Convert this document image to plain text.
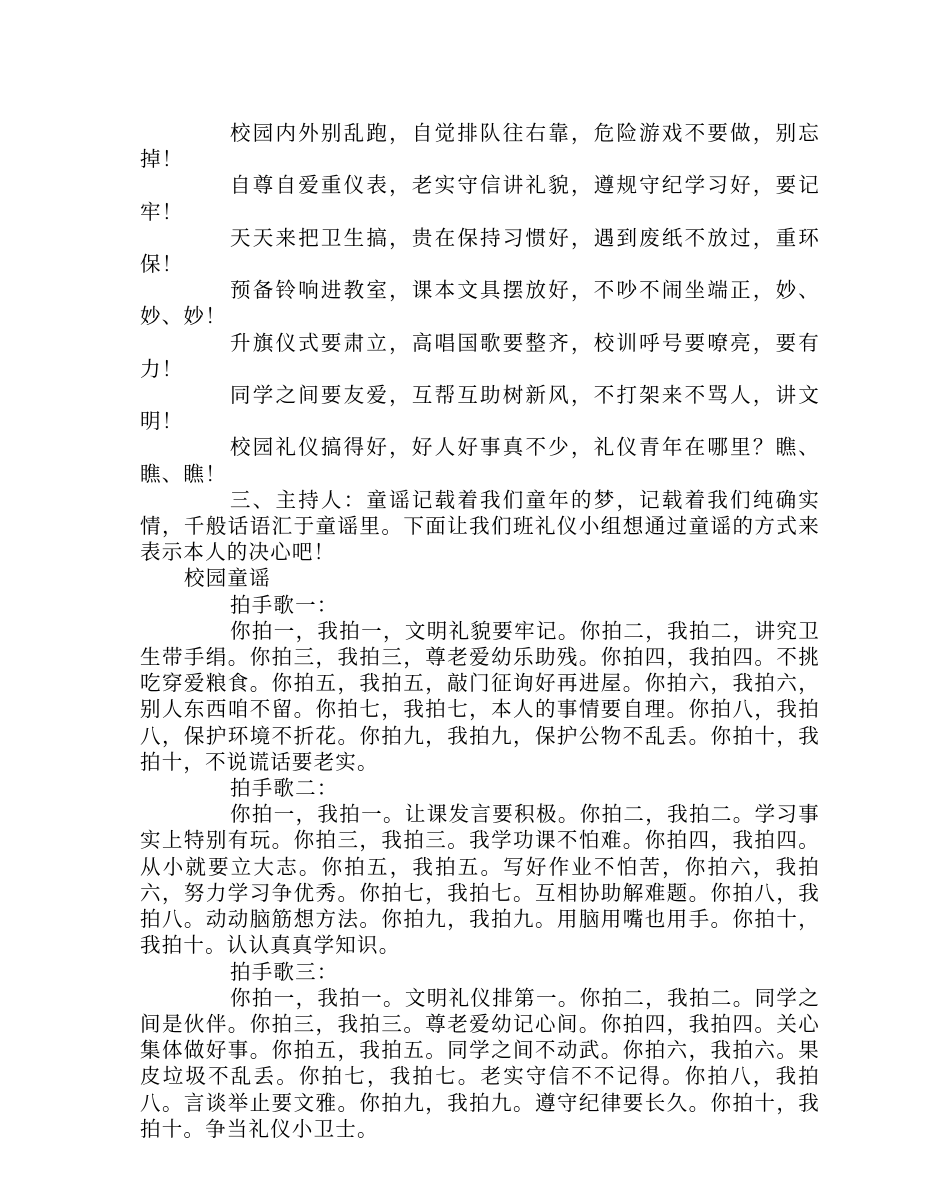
校园内外别乱跑，自觉排队往右靠，危险游戏不要做，别忘掉！

自尊自爱重仪表，老实守信讲礼貌，遵规守纪学习好，要记牢！

天天来把卫生搞，贵在保持习惯好，遇到废纸不放过，重环保！

预备铃响进教室，课本文具摆放好，不吵不闹坐端正，妙、妙、妙！

升旗仪式要肃立，高唱国歌要整齐，校训呼号要嘹亮，要有力！

同学之间要友爱，互帮互助树新风，不打架来不骂人，讲文明！

校园礼仪搞得好，好人好事真不少，礼仪青年在哪里？瞧、瞧、瞧！

三、主持人：童谣记载着我们童年的梦，记载着我们纯确实情，千般话语汇于童谣里。下面让我们班礼仪小组想通过童谣的方式来表示本人的决心吧！

校园童谣

拍手歌一：

你拍一，我拍一，文明礼貌要牢记。你拍二，我拍二，讲究卫生带手绢。你拍三，我拍三，尊老爱幼乐助残。你拍四，我拍四。不挑吃穿爱粮食。你拍五，我拍五，敲门征询好再进屋。你拍六，我拍六，别人东西咱不留。你拍七，我拍七，本人的事情要自理。你拍八，我拍八，保护环境不折花。你拍九，我拍九，保护公物不乱丢。你拍十，我拍十，不说谎话要老实。

拍手歌二：

你拍一，我拍一。让课发言要积极。你拍二，我拍二。学习事实上特别有玩。你拍三，我拍三。我学功课不怕难。你拍四，我拍四。从小就要立大志。你拍五，我拍五。写好作业不怕苦，你拍六，我拍六，努力学习争优秀。你拍七，我拍七。互相协助解难题。你拍八，我拍八。动动脑筋想方法。你拍九，我拍九。用脑用嘴也用手。你拍十，我拍十。认认真真学知识。

拍手歌三：

你拍一，我拍一。文明礼仪排第一。你拍二，我拍二。同学之间是伙伴。你拍三，我拍三。尊老爱幼记心间。你拍四，我拍四。关心集体做好事。你拍五，我拍五。同学之间不动武。你拍六，我拍六。果皮垃圾不乱丢。你拍七，我拍七。老实守信不不记得。你拍八，我拍八。言谈举止要文雅。你拍九，我拍九。遵守纪律要长久。你拍十，我拍十。争当礼仪小卫士。
